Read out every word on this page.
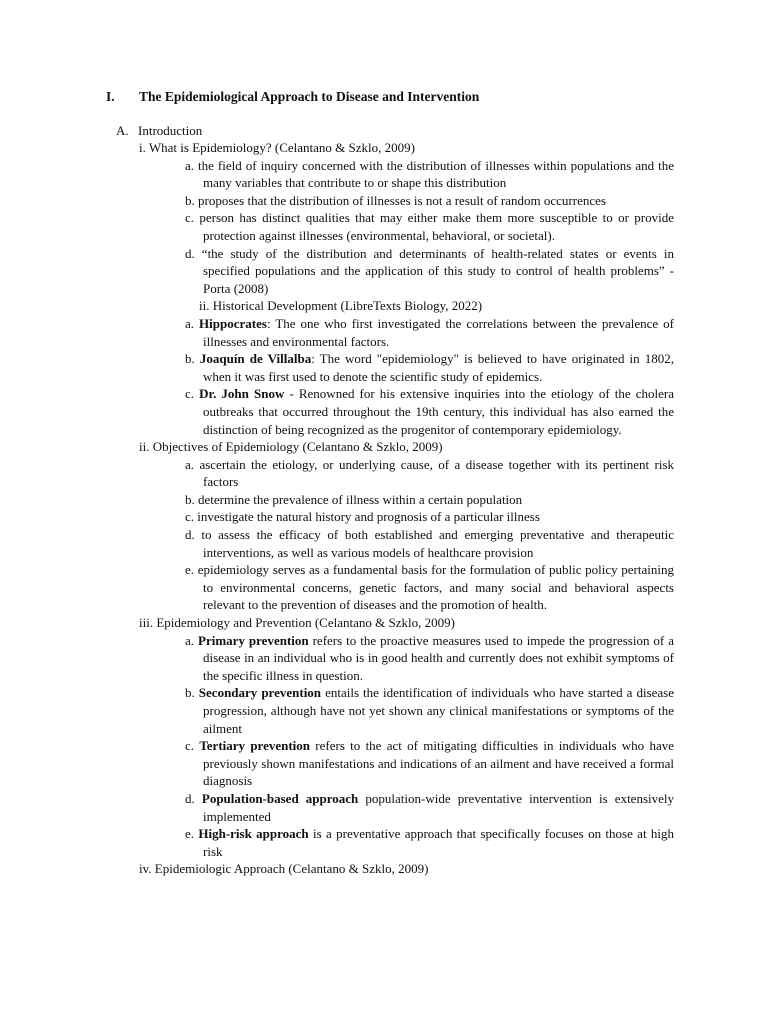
I. The Epidemiological Approach to Disease and Intervention
A. Introduction

i. What is Epidemiology? (Celantano & Szklo, 2009)

a. the field of inquiry concerned with the distribution of illnesses within populations and the many variables that contribute to or shape this distribution
b. proposes that the distribution of illnesses is not a result of random occurrences
c. person has distinct qualities that may either make them more susceptible to or provide protection against illnesses (environmental, behavioral, or societal).
d. “the study of the distribution and determinants of health-related states or events in specified populations and the application of this study to control of health problems” - Porta (2008)

ii. Historical Development (LibreTexts Biology, 2022)

a. Hippocrates: The one who first investigated the correlations between the prevalence of illnesses and environmental factors.
b. Joaquín de Villalba: The word "epidemiology" is believed to have originated in 1802, when it was first used to denote the scientific study of epidemics.
c. Dr. John Snow - Renowned for his extensive inquiries into the etiology of the cholera outbreaks that occurred throughout the 19th century, this individual has also earned the distinction of being recognized as the progenitor of contemporary epidemiology.

ii. Objectives of Epidemiology (Celantano & Szklo, 2009)

a. ascertain the etiology, or underlying cause, of a disease together with its pertinent risk factors
b. determine the prevalence of illness within a certain population
c. investigate the natural history and prognosis of a particular illness
d. to assess the efficacy of both established and emerging preventative and therapeutic interventions, as well as various models of healthcare provision
e. epidemiology serves as a fundamental basis for the formulation of public policy pertaining to environmental concerns, genetic factors, and many social and behavioral aspects relevant to the prevention of diseases and the promotion of health.

iii. Epidemiology and Prevention (Celantano & Szklo, 2009)

a. Primary prevention refers to the proactive measures used to impede the progression of a disease in an individual who is in good health and currently does not exhibit symptoms of the specific illness in question.
b. Secondary prevention entails the identification of individuals who have started a disease progression, although have not yet shown any clinical manifestations or symptoms of the ailment
c. Tertiary prevention refers to the act of mitigating difficulties in individuals who have previously shown manifestations and indications of an ailment and have received a formal diagnosis
d. Population-based approach population-wide preventative intervention is extensively implemented
e. High-risk approach is a preventative approach that specifically focuses on those at high risk

iv. Epidemiologic Approach (Celantano & Szklo, 2009)
